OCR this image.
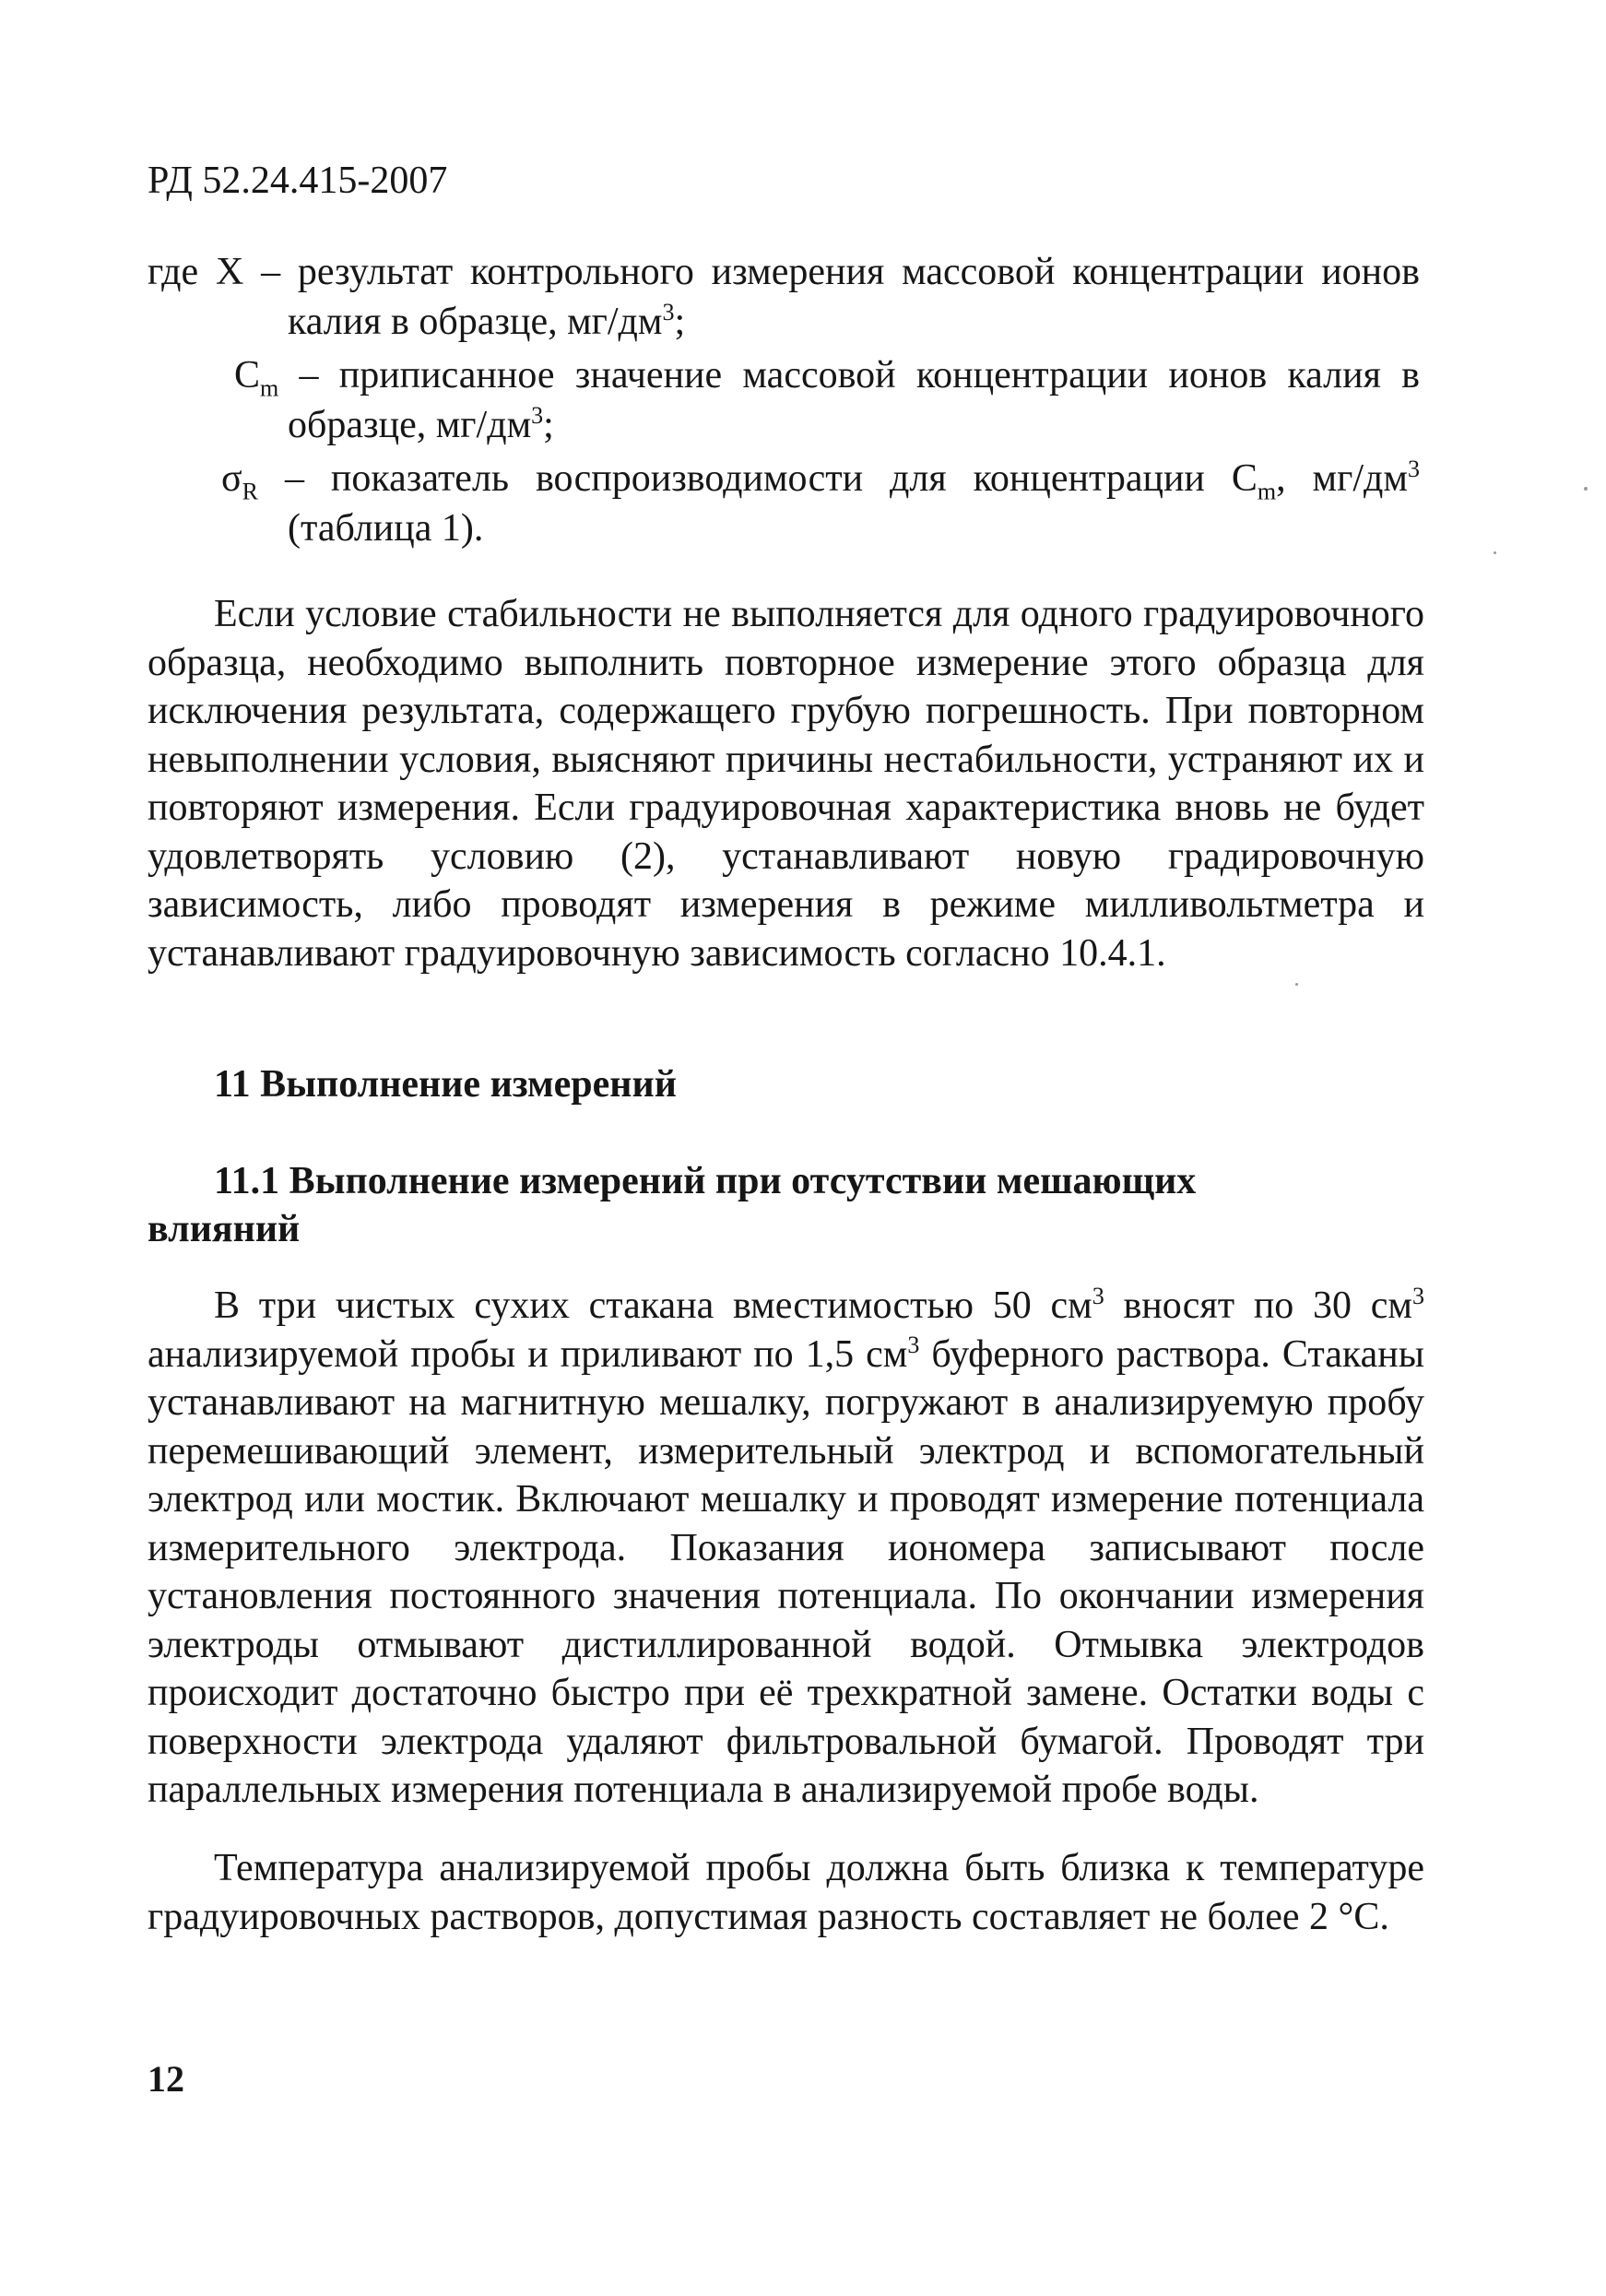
РД 52.24.415-2007

где X – результат контрольного измерения массовой концентрации ионов калия в образце, $мг/дм^3$;

$C_m$ – приписанное значение массовой концентрации ионов калия в образце, $мг/дм^3$;

$\sigma_R$ – показатель воспроизводимости для концентрации $C_m$, $мг/дм^3$ (таблица 1).

Если условие стабильности не выполняется для одного градуировочного образца, необходимо выполнить повторное измерение этого образца для исключения результата, содержащего грубую погрешность. При повторном невыполнении условия, выясняют причины нестабильности, устраняют их и повторяют измерения. Если градуировочная характеристика вновь не будет удовлетворять условию (2), устанавливают новую градировочную зависимость, либо проводят измерения в режиме милливольтметра и устанавливают градуировочную зависимость согласно 10.4.1.

11 Выполнение измерений
11.1 Выполнение измерений при отсутствии мешающих влияний

В три чистых сухих стакана вместимостью 50 $см^3$ вносят по 30 $см^3$ анализируемой пробы и приливают по 1,5 $см^3$ буферного раствора. Стаканы устанавливают на магнитную мешалку, погружают в анализируемую пробу перемешивающий элемент, измерительный электрод и вспомогательный электрод или мостик. Включают мешалку и проводят измерение потенциала измерительного электрода. Показания иономера записывают после установления постоянного значения потенциала. По окончании измерения электроды отмывают дистиллированной водой. Отмывка электродов происходит достаточно быстро при её трехкратной замене. Остатки воды с поверхности электрода удаляют фильтровальной бумагой. Проводят три параллельных измерения потенциала в анализируемой пробе воды.

Температура анализируемой пробы должна быть близка к температуре градуировочных растворов, допустимая разность составляет не более 2 °С.

12
